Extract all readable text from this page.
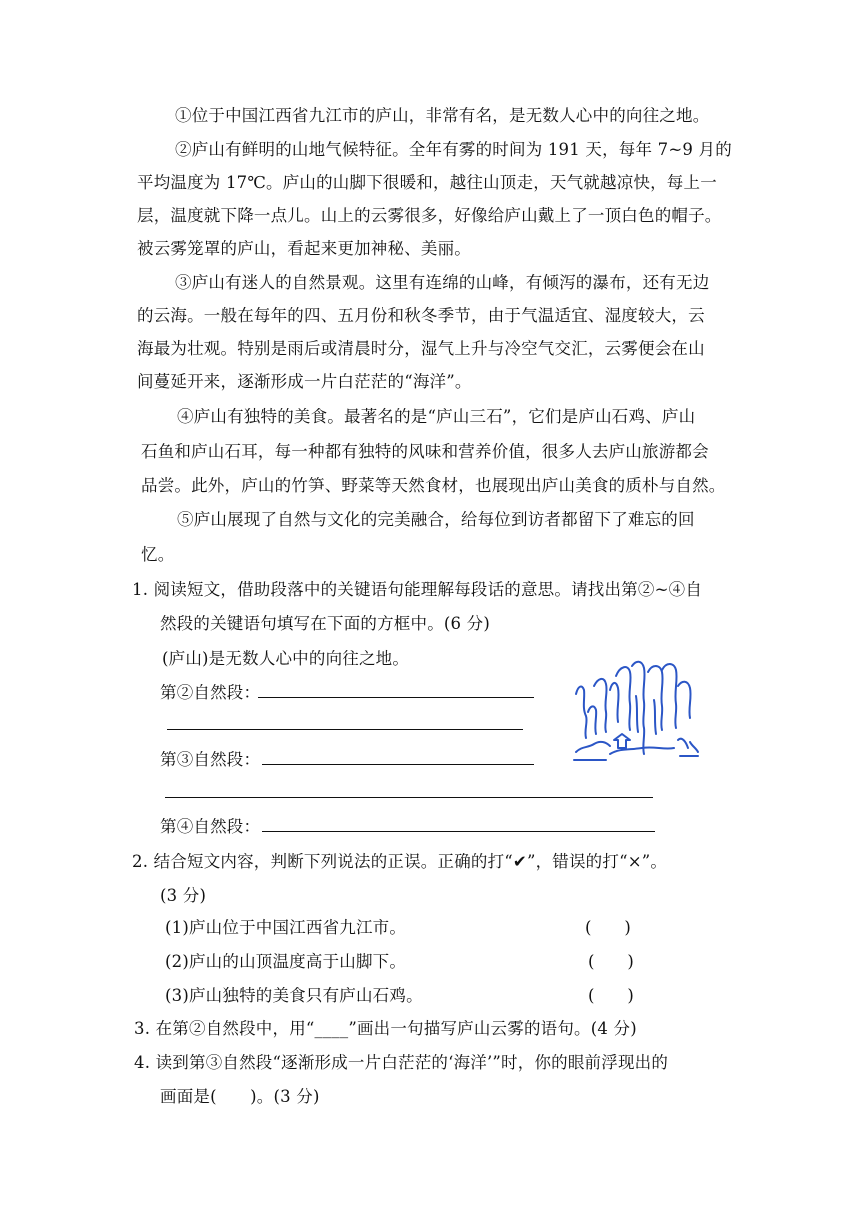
①位于中国江西省九江市的庐山，非常有名，是无数人心中的向往之地。
②庐山有鲜明的山地气候特征。全年有雾的时间为 191 天，每年 7~9 月的
平均温度为 17℃。庐山的山脚下很暖和，越往山顶走，天气就越凉快，每上一
层，温度就下降一点儿。山上的云雾很多，好像给庐山戴上了一顶白色的帽子。
被云雾笼罩的庐山，看起来更加神秘、美丽。
③庐山有迷人的自然景观。这里有连绵的山峰，有倾泻的瀑布，还有无边
的云海。一般在每年的四、五月份和秋冬季节，由于气温适宜、湿度较大，云
海最为壮观。特别是雨后或清晨时分，湿气上升与冷空气交汇，云雾便会在山
间蔓延开来，逐渐形成一片白茫茫的“海洋”。
④庐山有独特的美食。最著名的是“庐山三石”，它们是庐山石鸡、庐山
石鱼和庐山石耳，每一种都有独特的风味和营养价值，很多人去庐山旅游都会
品尝。此外，庐山的竹笋、野菜等天然食材，也展现出庐山美食的质朴与自然。
⑤庐山展现了自然与文化的完美融合，给每位到访者都留下了难忘的回
忆。
1. 阅读短文，借助段落中的关键语句能理解每段话的意思。请找出第②~④自
然段的关键语句填写在下面的方框中。(6 分)
(庐山)是无数人心中的向往之地。
第②自然段：
第③自然段：
第④自然段：
2. 结合短文内容，判断下列说法的正误。正确的打“✔”，错误的打“×”。
(3 分)
(1)庐山位于中国江西省九江市。	(　　)
(2)庐山的山顶温度高于山脚下。	(　　)
(3)庐山独特的美食只有庐山石鸡。	(　　)
3. 在第②自然段中，用“____”画出一句描写庐山云雾的语句。(4 分)
4. 读到第③自然段“逐渐形成一片白茫茫的‘海洋’”时，你的眼前浮现出的
画面是(　　)。(3 分)
